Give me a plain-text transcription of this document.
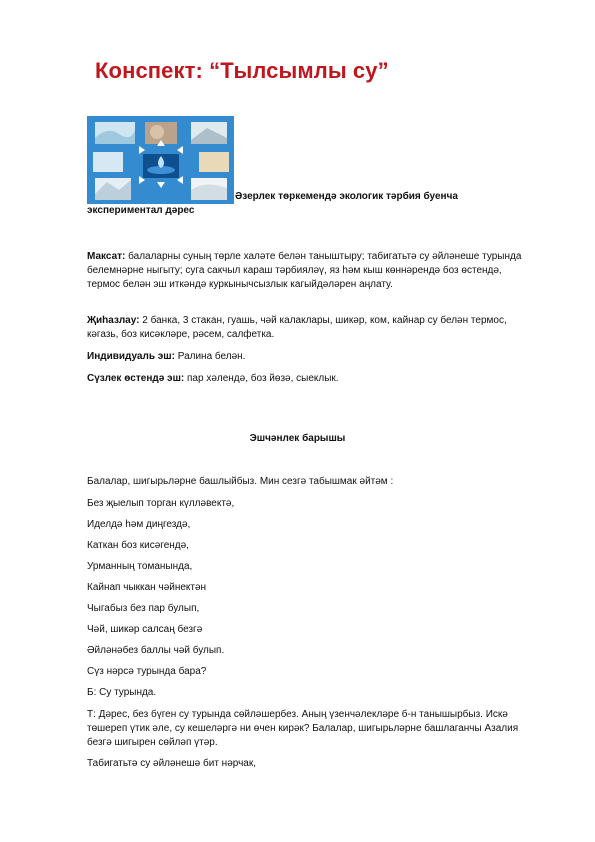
Конспект: “Тылсымлы су”
Әзерлек төркемендә экологик тәрбия буенча
экспериментал дәрес
Максат: балаларны суның төрле халәте белән таныштыру; табигатьтә су әйләнеше турында белемнәрне ныгыту; суга сакчыл караш тәрбияләү, яз һәм кыш көннәрендә боз өстендә, термос белән эш иткәндә куркынычсызлык кагыйдәләрен аңлату.
Җиһазлау: 2 банка, 3 стакан, гуашь, чәй калаклары, шикәр, ком, кайнар су белән термос, кәгазь, боз кисәкләре, рәсем, салфетка.
Индивидуаль эш: Ралина белән.
Сүзлек өстендә эш: пар хәлендә, боз йөзә, сыеклык.
Эшчәнлек барышы
Балалар, шигырьләрне башлыйбыз. Мин сезгә табышмак әйтәм :
Без җыелып торган күлләвектә,
Иделдә һәм диңгездә,
Каткан боз кисәгендә,
Урманның томанында,
Кайнап чыккан чәйнектән
Чыгабыз без пар булып,
Чәй, шикәр салсаң безгә
Әйләнәбез баллы чәй булып.
Сүз нәрсә турында бара?
Б: Су турында.
Т: Дәрес, без бүген су турында сөйләшербез. Аның үзенчәлекләре б-н танышырбыз. Искә төшереп үтик әле, су кешеләргә ни өчен кирәк? Балалар, шигырьләрне башлаганчы Азалия безгә шигырен сөйләп үтәр.
Табигатьтә су әйләнешә бит нәрчак,
